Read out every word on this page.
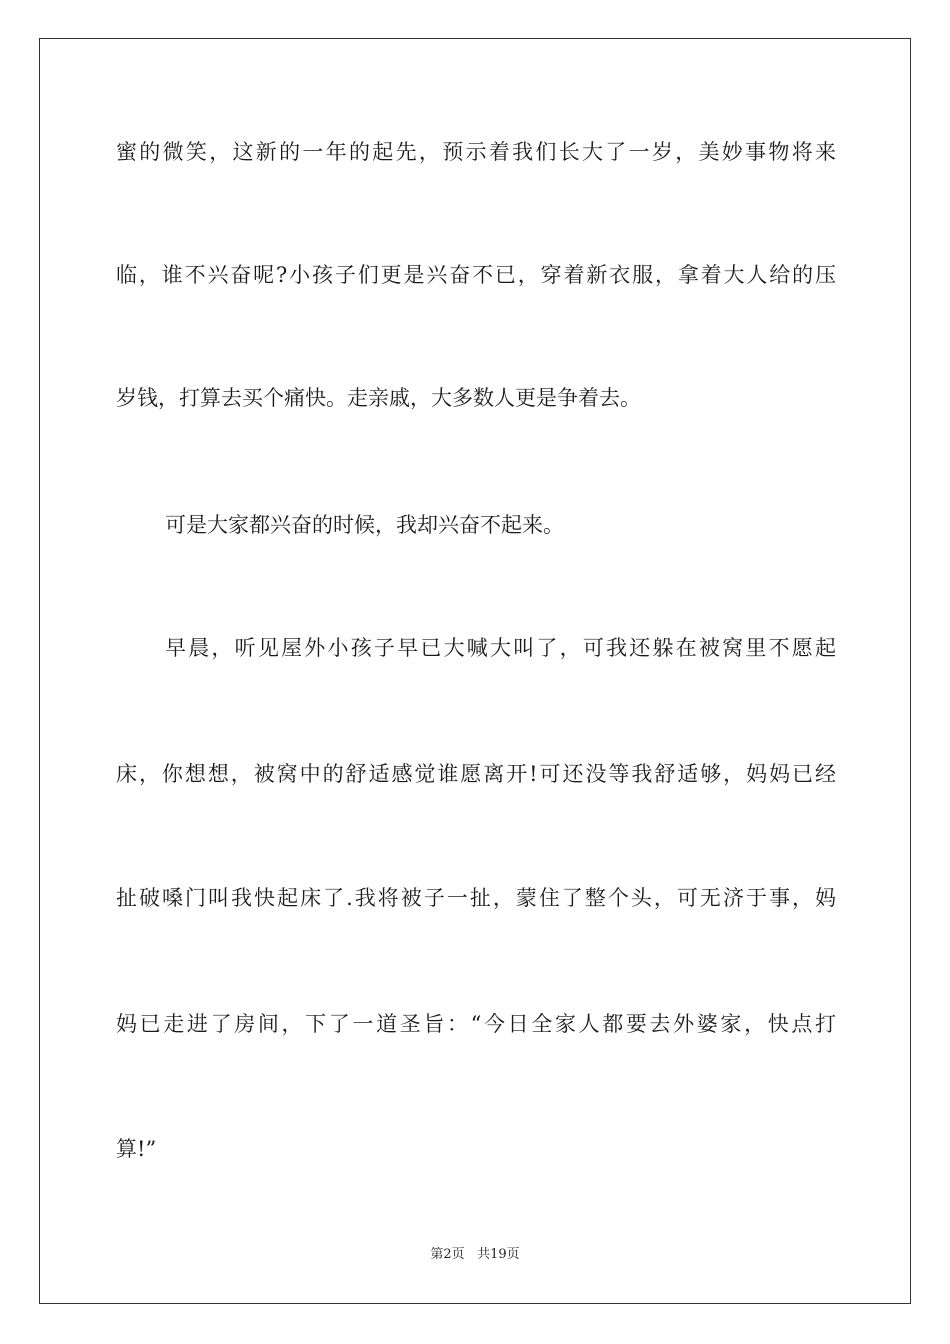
蜜的微笑，这新的一年的起先，预示着我们长大了一岁，美妙事物将来
临，谁不兴奋呢?小孩子们更是兴奋不已，穿着新衣服，拿着大人给的压
岁钱，打算去买个痛快。走亲戚，大多数人更是争着去。
可是大家都兴奋的时候，我却兴奋不起来。
早晨，听见屋外小孩子早已大喊大叫了，可我还躲在被窝里不愿起
床，你想想，被窝中的舒适感觉谁愿离开!可还没等我舒适够，妈妈已经
扯破嗓门叫我快起床了.我将被子一扯，蒙住了整个头，可无济于事，妈
妈已走进了房间，下了一道圣旨：“今日全家人都要去外婆家，快点打
算!”
第2页 共19页
